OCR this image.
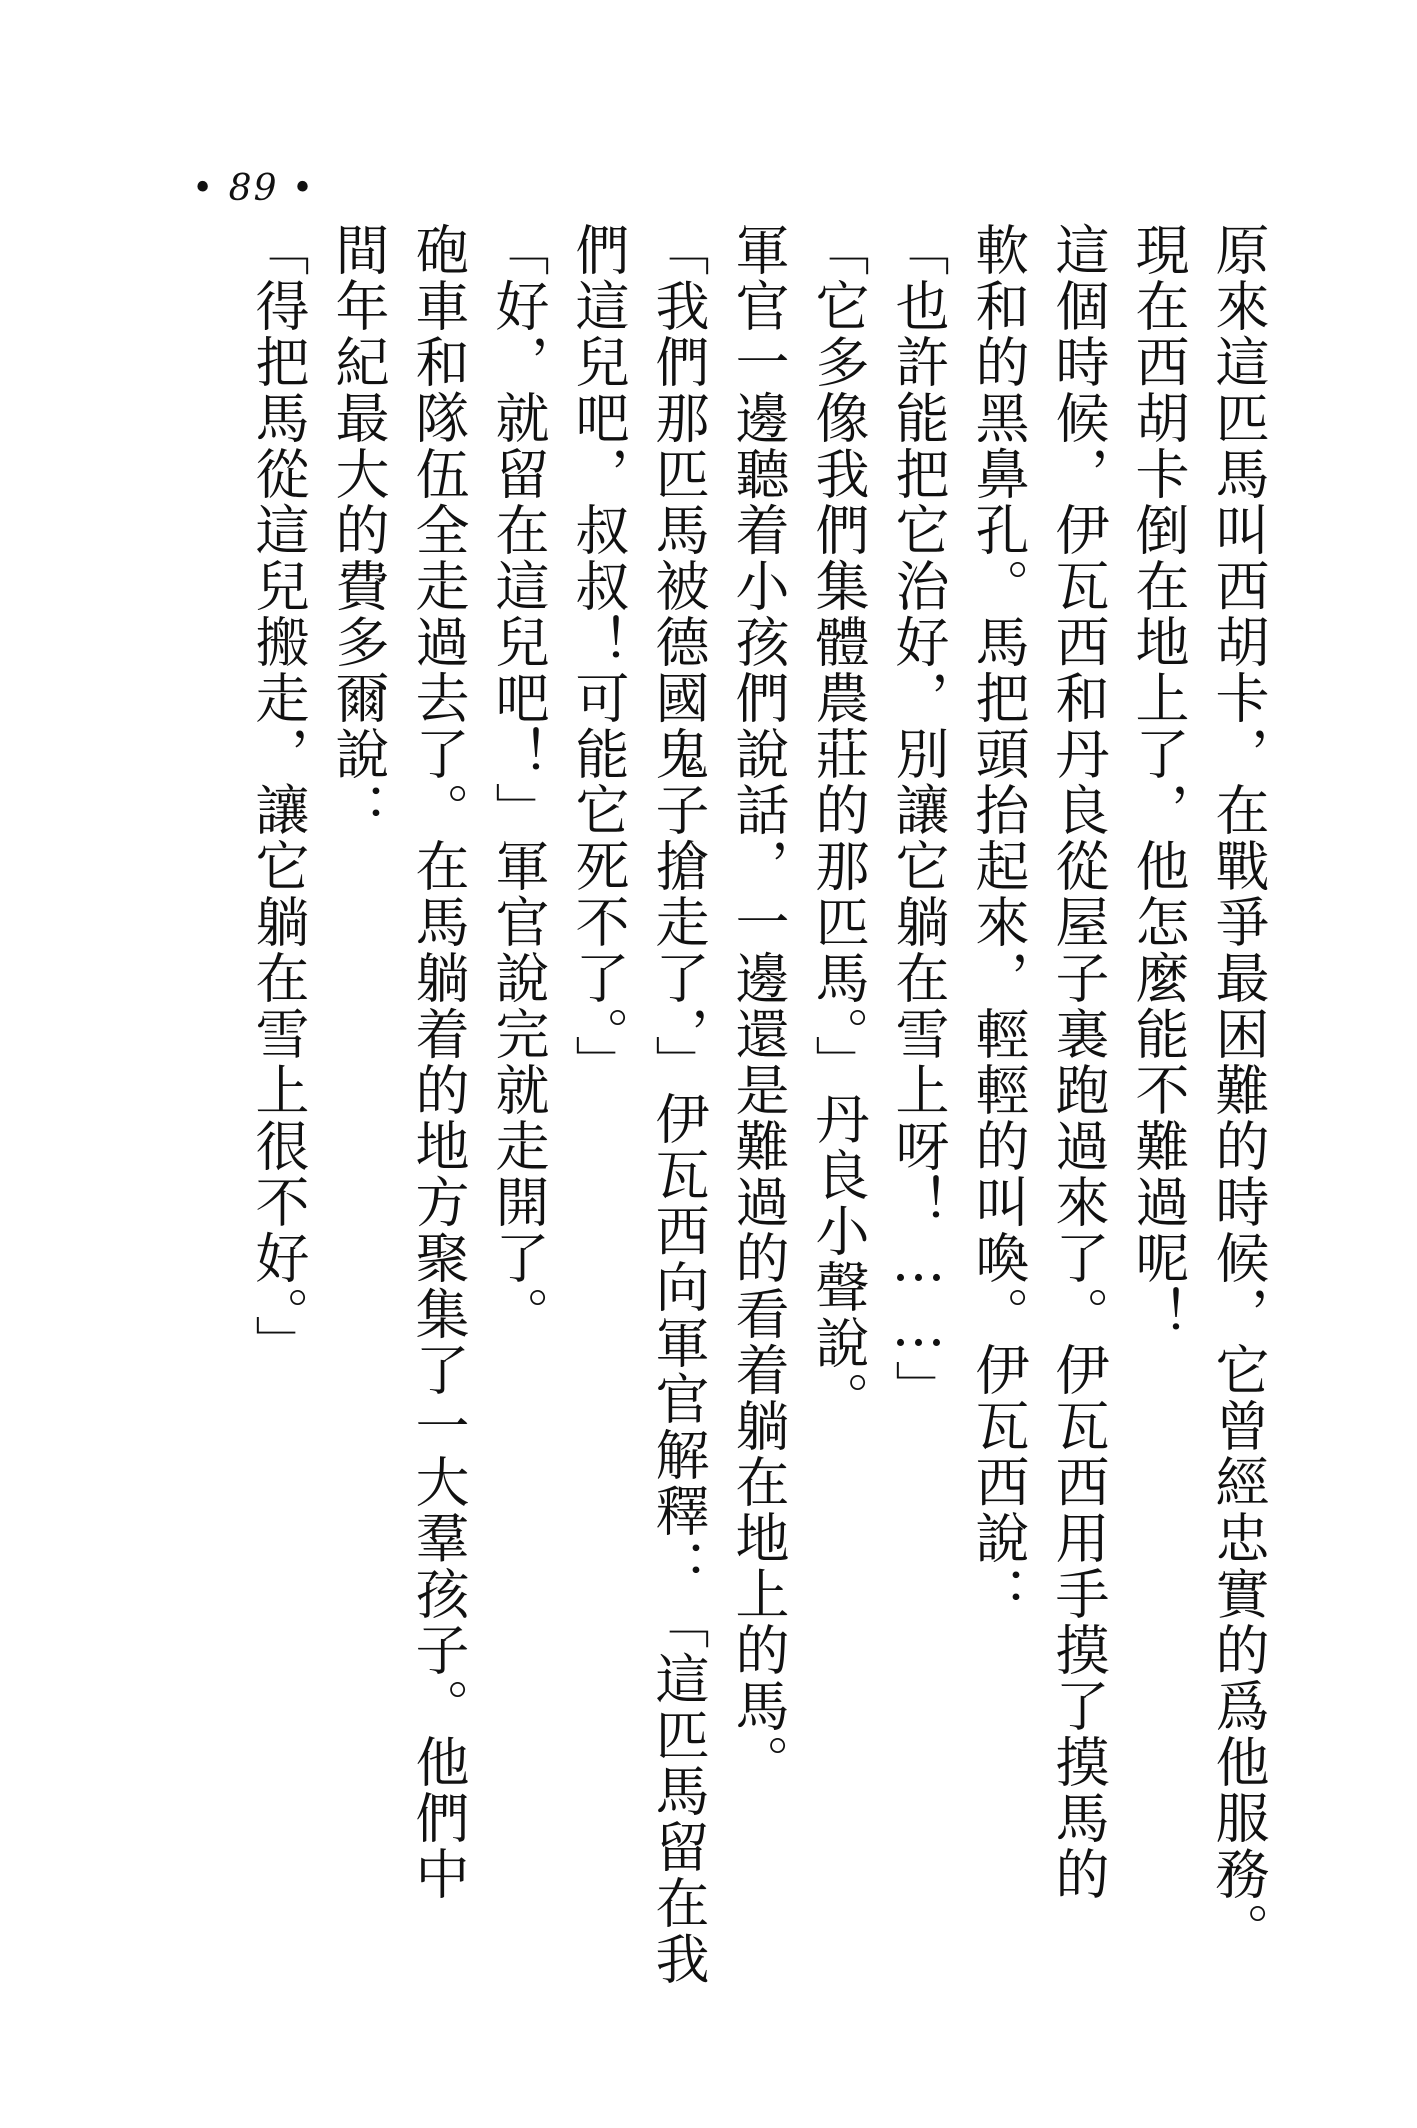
• 89 •
原來這匹馬叫西胡卡，在戰爭最困難的時候，它曾經忠實的爲他服務。
現在西胡卡倒在地上了，他怎麼能不難過呢！
這個時候，伊瓦西和丹良從屋子裏跑過來了。伊瓦西用手摸了摸馬的
軟和的黑鼻孔。馬把頭抬起來，輕輕的叫喚。伊瓦西說：
「也許能把它治好，別讓它躺在雪上呀！……」
「它多像我們集體農莊的那匹馬。」丹良小聲說。
軍官一邊聽着小孩們說話，一邊還是難過的看着躺在地上的馬。
「我們那匹馬被德國鬼子搶走了，」伊瓦西向軍官解釋：「這匹馬留在我
們這兒吧，叔叔！可能它死不了。」
「好，就留在這兒吧！」軍官說完就走開了。
砲車和隊伍全走過去了。在馬躺着的地方聚集了一大羣孩子。他們中
間年紀最大的費多爾說：
「得把馬從這兒搬走，讓它躺在雪上很不好。」
